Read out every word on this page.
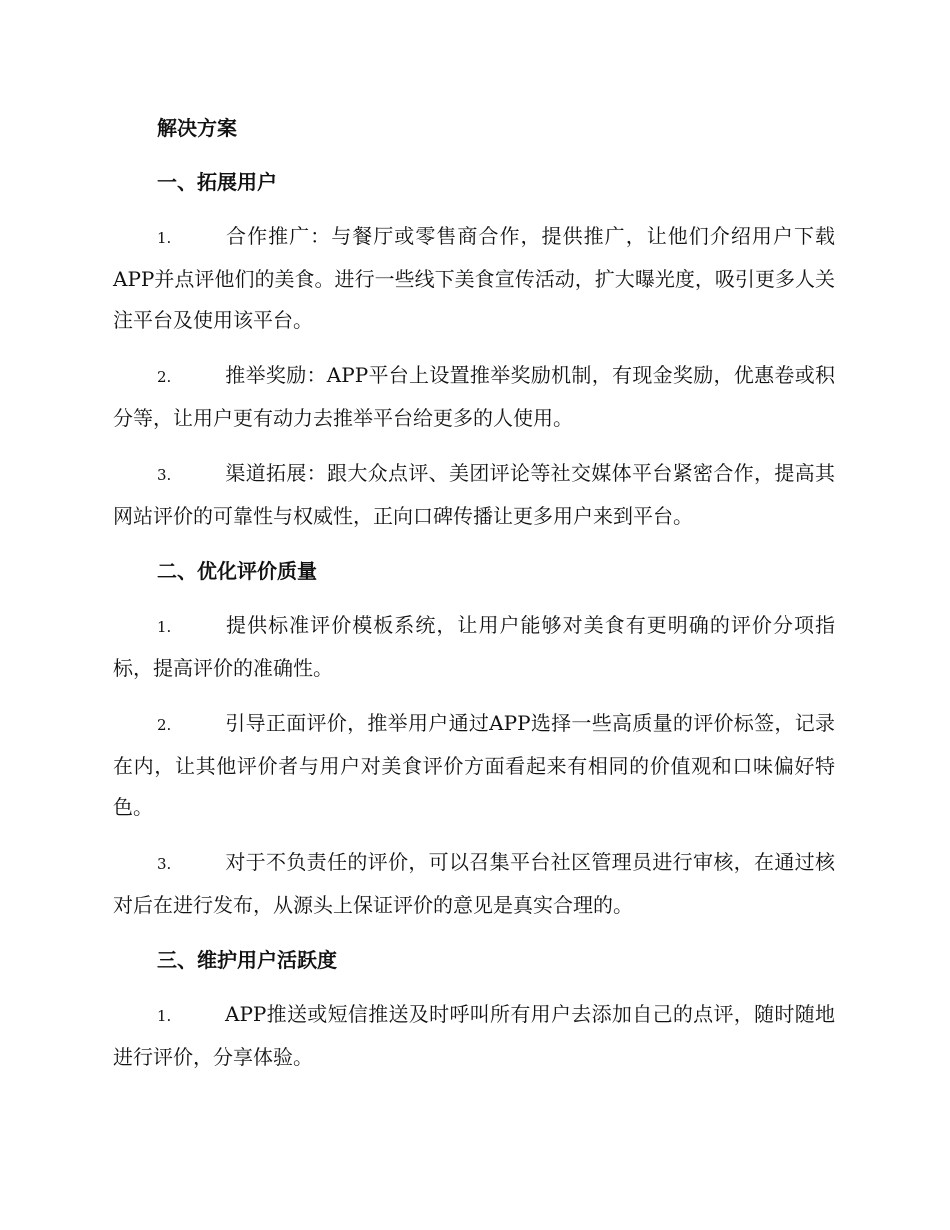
解决方案
一、拓展用户

1.	合作推广：与餐厅或零售商合作，提供推广，让他们介绍用户下载APP并点评他们的美食。进行一些线下美食宣传活动，扩大曝光度，吸引更多人关注平台及使用该平台。

2.	推举奖励：APP平台上设置推举奖励机制，有现金奖励，优惠卷或积分等，让用户更有动力去推举平台给更多的人使用。

3.	渠道拓展：跟大众点评、美团评论等社交媒体平台紧密合作，提高其网站评价的可靠性与权威性，正向口碑传播让更多用户来到平台。

二、优化评价质量

1.	提供标准评价模板系统，让用户能够对美食有更明确的评价分项指标，提高评价的准确性。

2.	引导正面评价，推举用户通过APP选择一些高质量的评价标签，记录在内，让其他评价者与用户对美食评价方面看起来有相同的价值观和口味偏好特色。

3.	对于不负责任的评价，可以召集平台社区管理员进行审核，在通过核对后在进行发布，从源头上保证评价的意见是真实合理的。

三、维护用户活跃度

1.	APP推送或短信推送及时呼叫所有用户去添加自己的点评，随时随地进行评价，分享体验。
